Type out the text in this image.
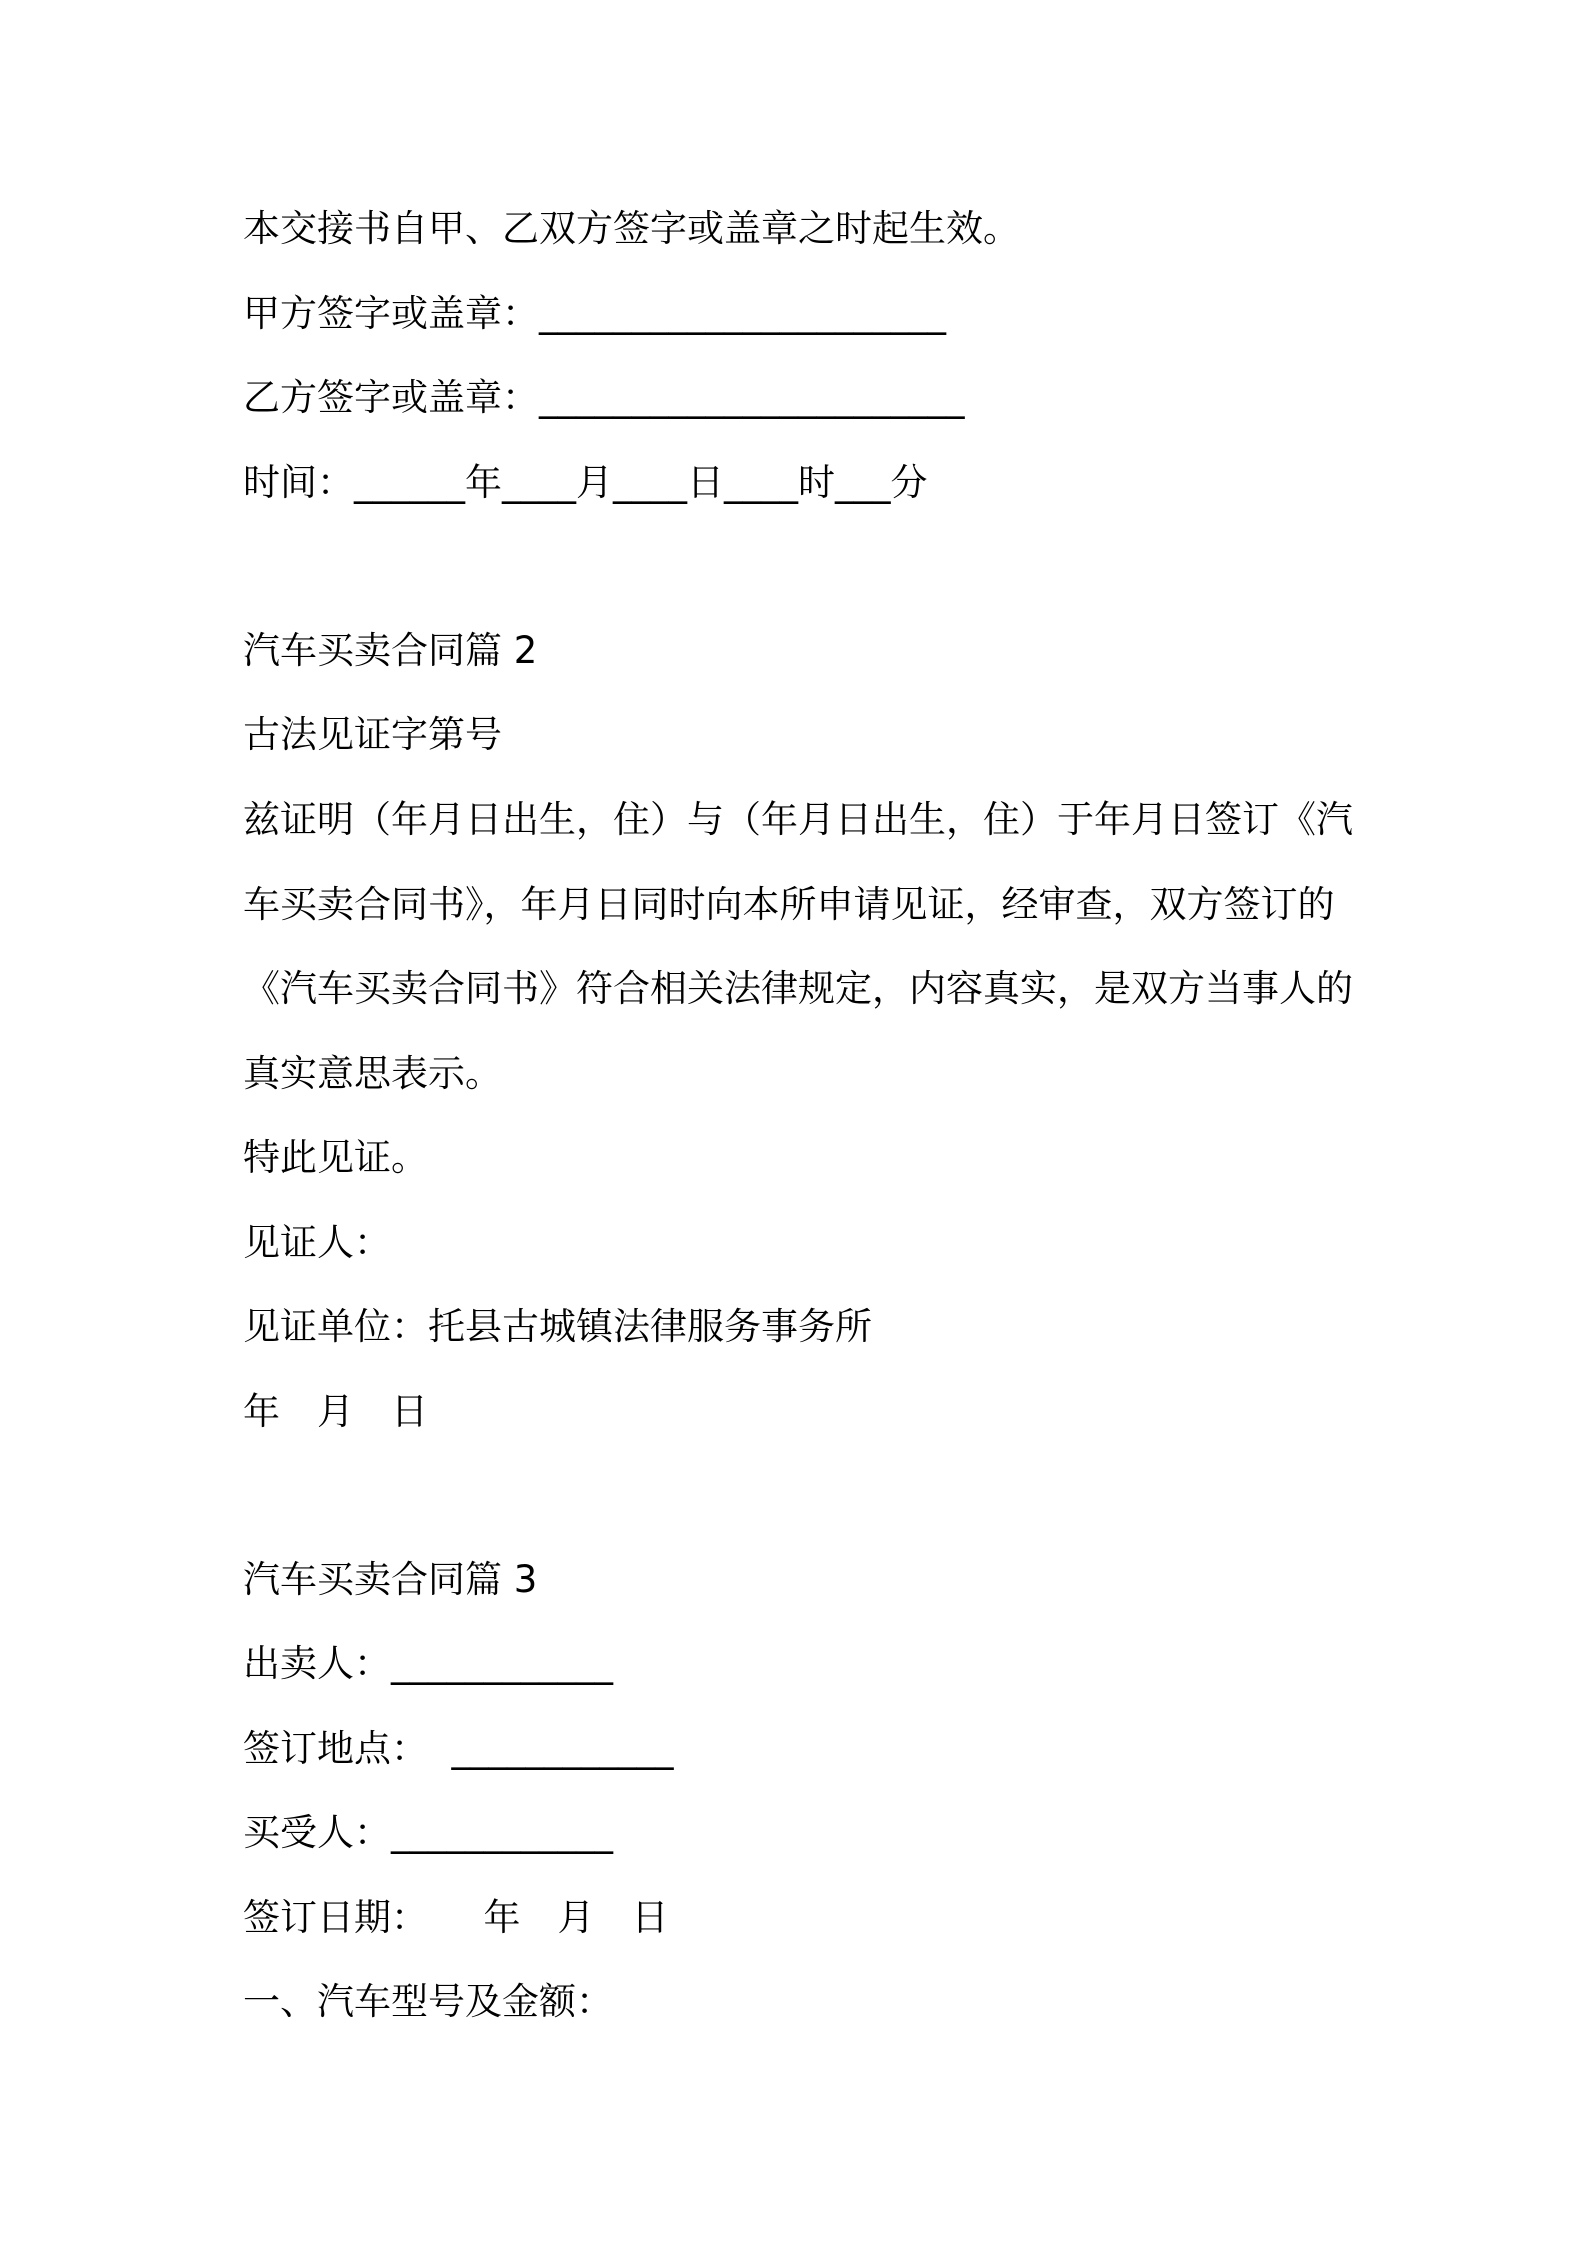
本交接书自甲、乙双方签字或盖章之时起生效。

甲方签字或盖章：______________________

乙方签字或盖章：_______________________

时间：______年____月____日____时___分

汽车买卖合同篇 2

古法见证字第号

兹证明（年月日出生，住）与（年月日出生，住）于年月日签订《汽

车买卖合同书》，年月日同时向本所申请见证，经审查，双方签订的

《汽车买卖合同书》符合相关法律规定，内容真实，是双方当事人的

真实意思表示。

特此见证。

见证人：

见证单位：托县古城镇法律服务事务所

年　月　日

汽车买卖合同篇 3

出卖人：____________

签订地点：  ____________

买受人：____________

签订日期：　　年　月　日

一、汽车型号及金额：
